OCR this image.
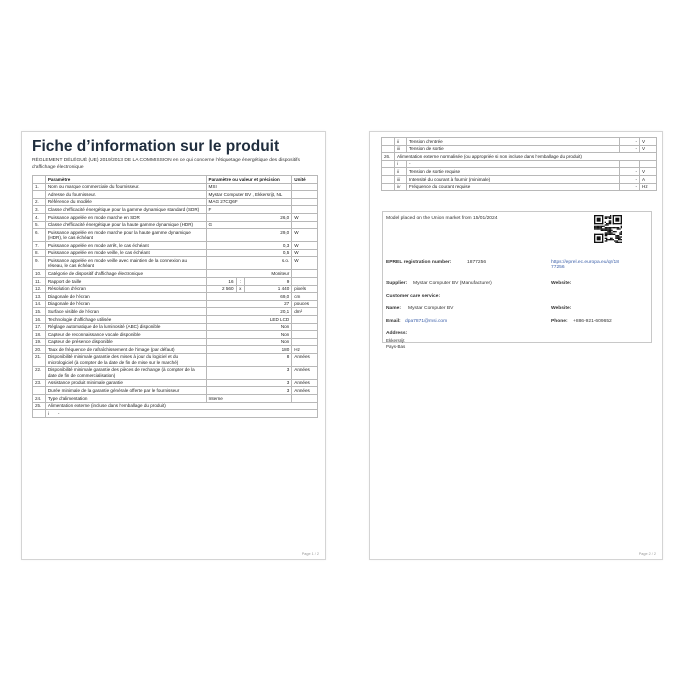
Fiche d’information sur le produit
RÈGLEMENT DÉLÉGUÉ (UE) 2019/2013 DE LA COMMISSION en ce qui concerne l’étiquetage énergétique des dispositifs d’affichage électronique
	Paramètre	Paramètre ou valeur et précision			Unité
1.	Nom ou marque commerciale du fournisseur.	MSI			
	Adresse du fournisseur.	Mystar Computer BV , Ekkersrijt, NL			
2.	Référence du modèle	MAG 27CQ6F			
3.	Classe d’efficacité énergétique pour la gamme dynamique standard (SDR)	F			
4.	Puissance appelée en mode marche en SDR	26,0			W
5.	Classe d’efficacité énergétique pour la haute gamme dynamique (HDR)	G			
6.	Puissance appelée en mode marche pour la haute gamme dynamique (HDR), le cas échéant	29,0			W
7.	Puissance appelée en mode arrêt, le cas échéant	0,3			W
8.	Puissance appelée en mode veille, le cas échéant	0,5			W
9.	Puissance appelée en mode veille avec maintien de la connexion au réseau, le cas échéant	s.o.			W
10.	Catégorie de dispositif d’affichage électronique	Moniteur			
11.	Rapport de taille	16	:	9	
12.	Résolution d’écran	2 560	x	1 440	pixels
13.	Diagonale de l’écran	69,0			cm
14.	Diagonale de l’écran	27			pouces
15.	Surface visible de l’écran	20,1			dm²
16.	Technologie d’affichage utilisée	LED LCD			
17.	Réglage automatique de la luminosité (ABC) disponible	Non			
18.	Capteur de reconnaissance vocale disponible	Non			
19.	Capteur de présence disponible	Non			
20.	Taux de fréquence de rafraîchissement de l’image (par défaut)	180			Hz
21.	Disponibilité minimale garantie des mises à jour du logiciel et du micrologiciel (à compter de la date de fin de mise sur le marché)	8			Années
22.	Disponibilité minimale garantie des pièces de rechange (à compter de la date de fin de commercialisation)	3			Années
23.	Assistance produit minimale garantie	3			Années
	Durée minimale de la garantie générale offerte par le fournisseur	3			Années
24.	Type d’alimentation	Interne			
25.	Alimentation externe (incluse dans l’emballage du produit)				
	i -				
Page 1 / 2
	ii	Tension d’entrée	-	V
	iii	Tension de sortie	-	V
26.	Alimentation externe normalisée (ou appropriée si non incluse dans l’emballage du produit)			
	i	-		
	ii	Tension de sortie requise	-	V
	iii	Intensité du courant à fournir (minimale)	-	A
	iv	Fréquence du courant requise	-	Hz
Model placed on the Union market from 15/01/2024
EPREL registration number:	1877256	https://eprel.ec.europa.eu/qr/18
77256
Supplier: Mystar Computer BV (Manufacturer)	Website:
Customer care service:
Name: Mystar Computer BV	Website:
Email: dpa7871@msi.com	Phone: +886-921-609652
Address:
Ekkersrijt
Pays-Bas
Page 2 / 2
